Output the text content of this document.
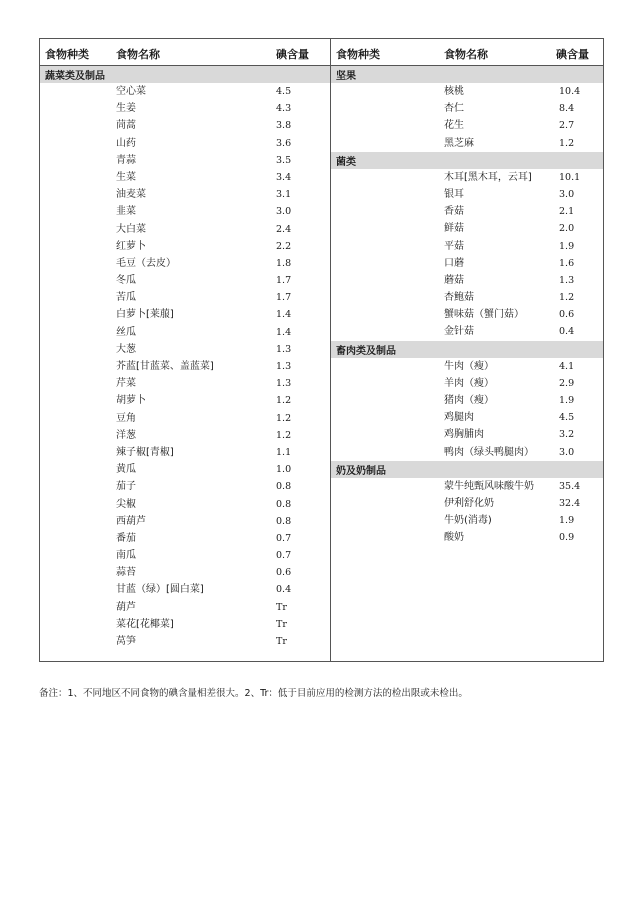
食物种类 食物名称	碘含量
蔬菜类及制品
空心菜	4.5
生姜	4.3
茼蒿	3.8
山药	3.6
青蒜	3.5
生菜	3.4
油麦菜	3.1
韭菜	3.0
大白菜	2.4
红萝卜	2.2
毛豆（去皮）	1.8
冬瓜	1.7
苦瓜	1.7
白萝卜[莱菔]	1.4
丝瓜	1.4
大葱	1.3
芥蓝[甘蓝菜、盖蓝菜]	1.3
芹菜	1.3
胡萝卜	1.2
豆角	1.2
洋葱	1.2
辣子椒[青椒]	1.1
黄瓜	1.0
茄子	0.8
尖椒	0.8
西葫芦	0.8
番茄	0.7
南瓜	0.7
蒜苔	0.6
甘蓝（绿）[圆白菜]	0.4
葫芦	Tr
菜花[花椰菜]	Tr
莴笋	Tr
食物种类	食物名称	碘含量
坚果
核桃	10.4
杏仁	8.4
花生	2.7
黑芝麻	1.2
菌类
木耳[黑木耳，云耳]	10.1
银耳	3.0
香菇	2.1
鲜菇	2.0
平菇	1.9
口蘑	1.6
蘑菇	1.3
杏鲍菇	1.2
蟹味菇（蟹门菇）	0.6
金针菇	0.4
畜肉类及制品
牛肉（瘦）	4.1
羊肉（瘦）	2.9
猪肉（瘦）	1.9
鸡腿肉	4.5
鸡胸脯肉	3.2
鸭肉（绿头鸭腿肉）	3.0
奶及奶制品
蒙牛纯甄风味酸牛奶	35.4
伊利舒化奶	32.4
牛奶(消毒)	1.9
酸奶	0.9
备注：1、不同地区不同食物的碘含量相差很大。2、Tr：低于目前应用的检测方法的检出限或未检出。
